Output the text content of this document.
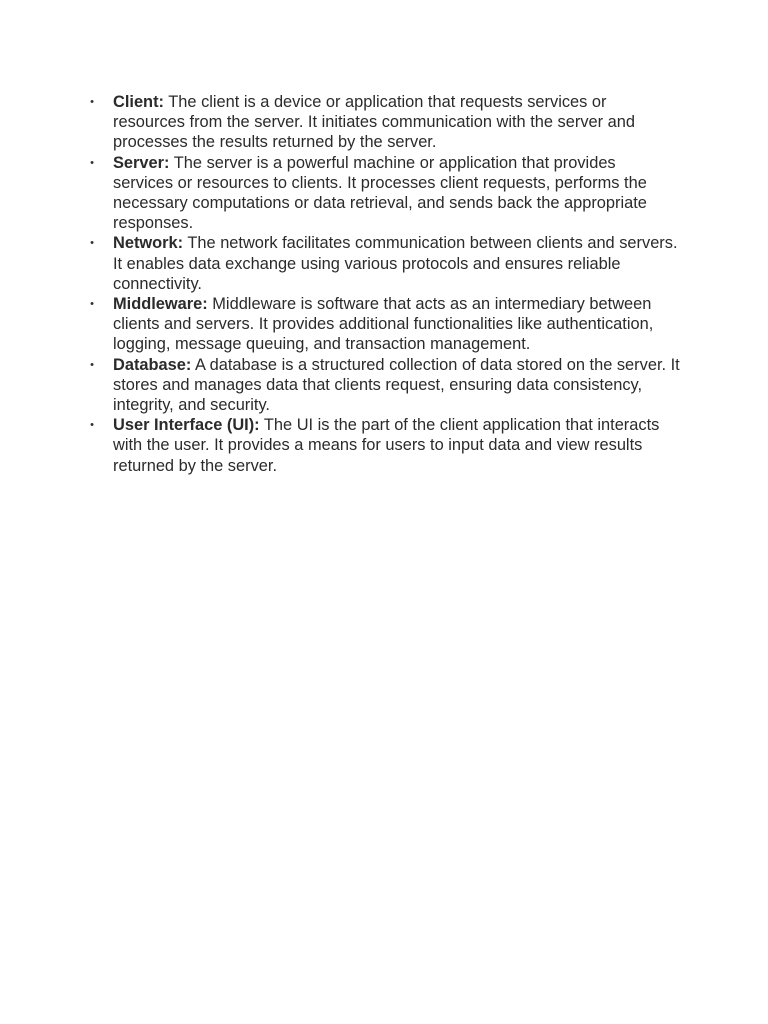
• Client: The client is a device or application that requests services or resources from the server. It initiates communication with the server and processes the results returned by the server.
• Server: The server is a powerful machine or application that provides services or resources to clients. It processes client requests, performs the necessary computations or data retrieval, and sends back the appropriate responses.
• Network: The network facilitates communication between clients and servers. It enables data exchange using various protocols and ensures reliable connectivity.
• Middleware: Middleware is software that acts as an intermediary between clients and servers. It provides additional functionalities like authentication, logging, message queuing, and transaction management.
• Database: A database is a structured collection of data stored on the server. It stores and manages data that clients request, ensuring data consistency, integrity, and security.
• User Interface (UI): The UI is the part of the client application that interacts with the user. It provides a means for users to input data and view results returned by the server.
